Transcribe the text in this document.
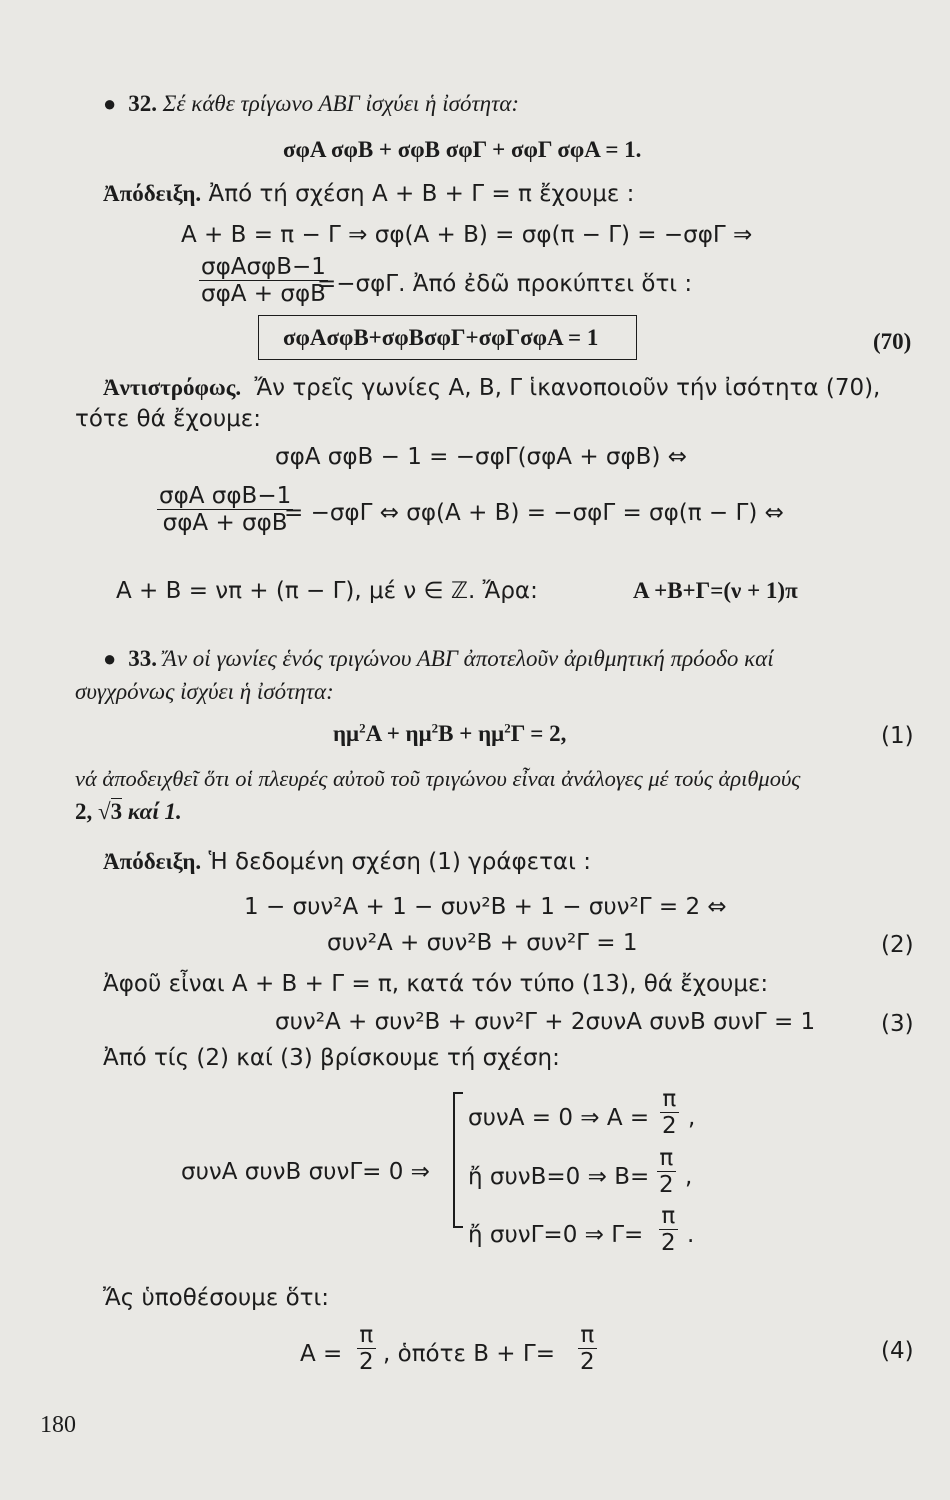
● 32. Σέ κάθε τρίγωνο ΑΒΓ ἰσχύει ἡ ἰσότητα:
σφΑ σφΒ + σφΒ σφΓ + σφΓ σφΑ = 1.
Ἀπόδειξη. Ἀπό τή σχέση Α + Β + Γ = π ἔχουμε :
Α + Β = π − Γ ⇒ σφ(Α + Β) = σφ(π − Γ) = −σφΓ ⇒
σφΑσφΒ−1
σφΑ + σφΒ
=−σφΓ. Ἀπό ἐδῶ προκύπτει ὅτι :
σφΑσφΒ+σφΒσφΓ+σφΓσφΑ = 1	(70)
Ἀντιστρόφως. Ἄν τρεῖς γωνίες Α, Β, Γ ἱκανοποιοῦν τήν ἰσότητα (70),
τότε θά ἔχουμε:
σφΑ σφΒ − 1 = −σφΓ(σφΑ + σφΒ) ⇔
σφΑ σφΒ−1
σφΑ + σφΒ
= −σφΓ ⇔ σφ(Α + Β) = −σφΓ = σφ(π − Γ) ⇔
Α + Β = νπ + (π − Γ), μέ ν ∈ ℤ. Ἄρα:	Α +Β+Γ=(ν + 1)π
● 33. Ἄν οἱ γωνίες ἑνός τριγώνου ΑΒΓ ἀποτελοῦν ἀριθμητική πρόοδο καί
συγχρόνως ἰσχύει ἡ ἰσότητα:
$\eta\mu^2A + \eta\mu^2B + \eta\mu^2\Gamma = 2$,	(1)
νά ἀποδειχθεῖ ὅτι οἱ πλευρές αὐτοῦ τοῦ τριγώνου εἶναι ἀνάλογες μέ τούς ἀριθμούς
2, √3 καί 1.
Ἀπόδειξη. Ἡ δεδομένη σχέση (1) γράφεται :
1 − συν²Α + 1 − συν²Β + 1 − συν²Γ = 2 ⇔
συν²Α + συν²Β + συν²Γ = 1	(2)
Ἀφοῦ εἶναι Α + Β + Γ = π, κατά τόν τύπο (13), θά ἔχουμε:
συν²Α + συν²Β + συν²Γ + 2συνΑ συνΒ συνΓ = 1	(3)
Ἀπό τίς (2) καί (3) βρίσκουμε τή σχέση:
συνΑ συνΒ συνΓ= 0 ⇒
συνΑ = 0 ⇒ $A = \frac{\pi}{2}$ ,
ἤ συνΒ=0 ⇒ $B= \frac{\pi}{2}$ ,
ἤ συνΓ=0 ⇒ $\Gamma= \frac{\pi}{2}$ .
Ἄς ὑποθέσουμε ὅτι:
$A = \frac{\pi}{2}$ , ὁπότε $B + \Gamma= \frac{\pi}{2}$	(4)
180
